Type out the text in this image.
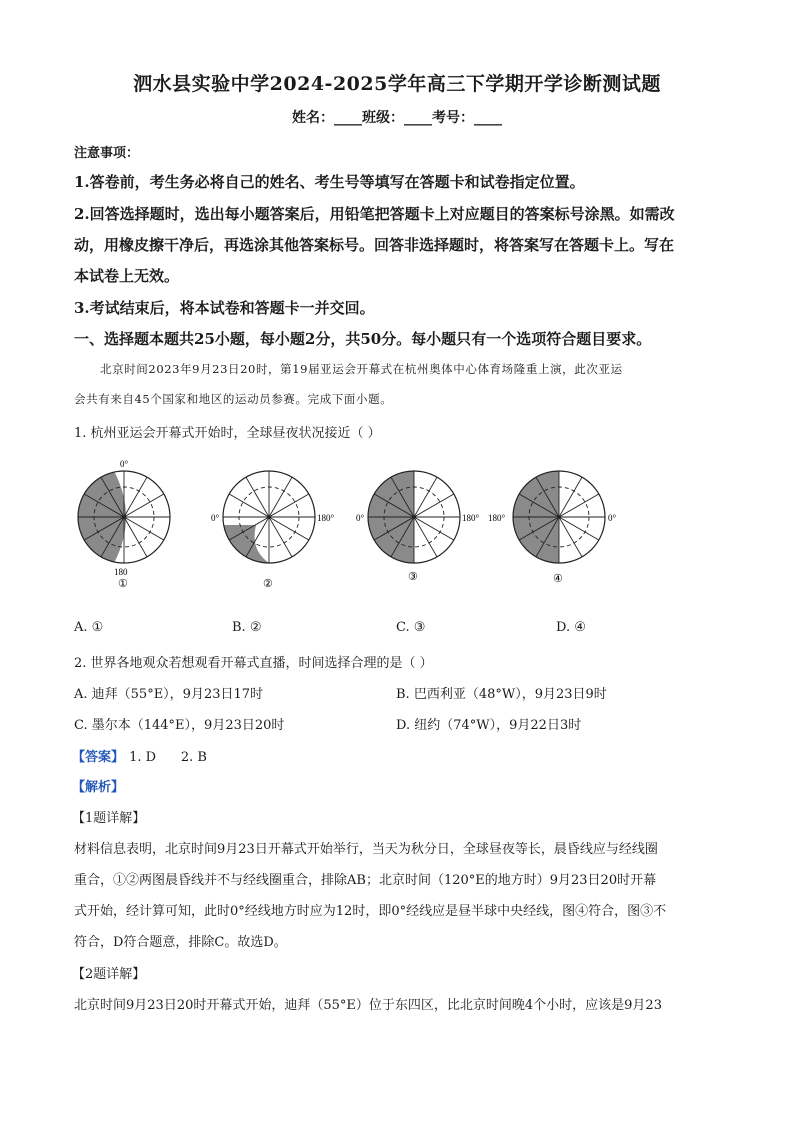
泗水县实验中学2024-2025学年高三下学期开学诊断测试题
姓名：____班级：____考号：____
注意事项：
1.答卷前，考生务必将自己的姓名、考生号等填写在答题卡和试卷指定位置。
2.回答选择题时，选出每小题答案后，用铅笔把答题卡上对应题目的答案标号涂黑。如需改
动，用橡皮擦干净后，再选涂其他答案标号。回答非选择题时，将答案写在答题卡上。写在
本试卷上无效。
3.考试结束后，将本试卷和答题卡一并交回。
一、选择题本题共25小题，每小题2分，共50分。每小题只有一个选项符合题目要求。
北京时间2023年9月23日20时，第19届亚运会开幕式在杭州奥体中心体育场隆重上演，此次亚运
会共有来自45个国家和地区的运动员参赛。完成下面小题。
1. 杭州亚运会开幕式开始时，全球昼夜状况接近（ ）
0°
180
①
0°	180°
②
0°	180°
③
180°	0°
④
A. ①	B. ②	C. ③	D. ④
2. 世界各地观众若想观看开幕式直播，时间选择合理的是（ ）
A. 迪拜（55°E），9月23日17时	B. 巴西利亚（48°W），9月23日9时
C. 墨尔本（144°E），9月23日20时	D. 纽约（74°W），9月22日3时
【答案】 1. D      2. B
【解析】
【1题详解】
材料信息表明，北京时间9月23日开幕式开始举行，当天为秋分日，全球昼夜等长，晨昏线应与经线圈
重合，①②两图晨昏线并不与经线圈重合，排除AB；北京时间（120°E的地方时）9月23日20时开幕
式开始，经计算可知，此时0°经线地方时应为12时，即0°经线应是昼半球中央经线，图④符合，图③不
符合，D符合题意，排除C。故选D。
【2题详解】
北京时间9月23日20时开幕式开始，迪拜（55°E）位于东四区，比北京时间晚4个小时，应该是9月23
